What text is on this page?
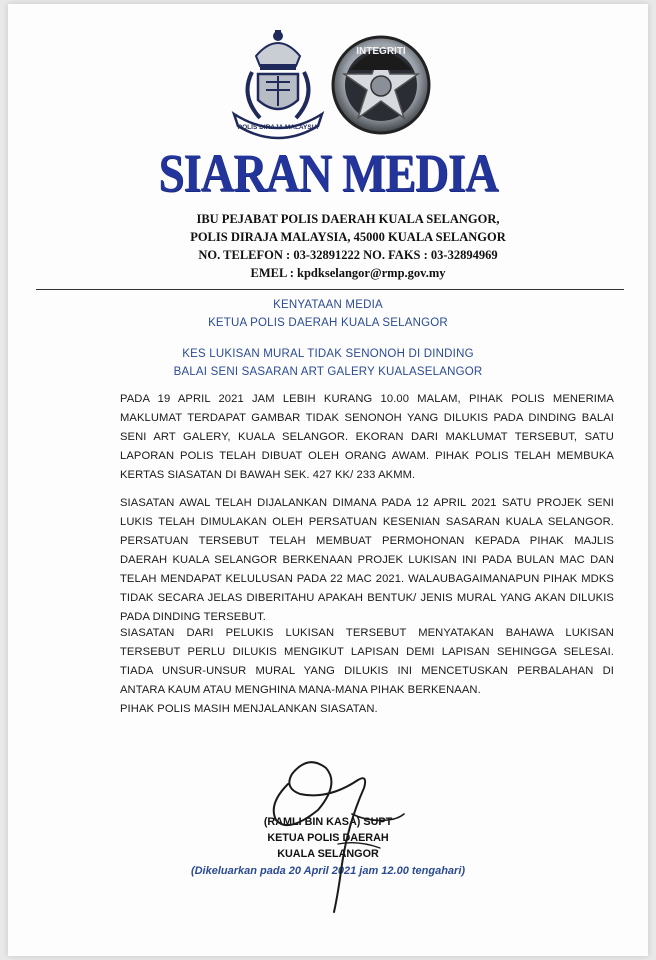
POLIS DIRAJA MALAYSIA
INTEGRITI
SIARAN MEDIA
IBU PEJABAT POLIS DAERAH KUALA SELANGOR,
POLIS DIRAJA MALAYSIA, 45000 KUALA SELANGOR
NO. TELEFON : 03-32891222 NO. FAKS : 03-32894969
EMEL : kpdkselangor@rmp.gov.my
KENYATAAN MEDIA
KETUA POLIS DAERAH KUALA SELANGOR
KES LUKISAN MURAL TIDAK SENONOH DI DINDING
BALAI SENI SASARAN ART GALERY KUALASELANGOR
PADA 19 APRIL 2021 JAM LEBIH KURANG 10.00 MALAM, PIHAK POLIS MENERIMA
MAKLUMAT TERDAPAT GAMBAR TIDAK SENONOH YANG DILUKIS PADA DINDING BALAI
SENI ART GALERY, KUALA SELANGOR. EKORAN DARI MAKLUMAT TERSEBUT, SATU
LAPORAN POLIS TELAH DIBUAT OLEH ORANG AWAM. PIHAK POLIS TELAH MEMBUKA
KERTAS SIASATAN DI BAWAH SEK. 427 KK/ 233 AKMM.
SIASATAN AWAL TELAH DIJALANKAN DIMANA PADA 12 APRIL 2021 SATU PROJEK SENI
LUKIS TELAH DIMULAKAN OLEH PERSATUAN KESENIAN SASARAN KUALA SELANGOR.
PERSATUAN TERSEBUT TELAH MEMBUAT PERMOHONAN KEPADA PIHAK MAJLIS
DAERAH KUALA SELANGOR BERKENAAN PROJEK LUKISAN INI PADA BULAN MAC DAN
TELAH MENDAPAT KELULUSAN PADA 22 MAC 2021. WALAUBAGAIMANAPUN PIHAK MDKS
TIDAK SECARA JELAS DIBERITAHU APAKAH BENTUK/ JENIS MURAL YANG AKAN DILUKIS
PADA DINDING TERSEBUT.
SIASATAN DARI PELUKIS LUKISAN TERSEBUT MENYATAKAN BAHAWA LUKISAN
TERSEBUT PERLU DILUKIS MENGIKUT LAPISAN DEMI LAPISAN SEHINGGA SELESAI.
TIADA UNSUR-UNSUR MURAL YANG DILUKIS INI MENCETUSKAN PERBALAHAN DI
ANTARA KAUM ATAU MENGHINA MANA-MANA PIHAK BERKENAAN.
PIHAK POLIS MASIH MENJALANKAN SIASATAN.
(RAMLI BIN KASA) SUPT
KETUA POLIS DAERAH
KUALA SELANGOR
(Dikeluarkan pada 20 April 2021 jam 12.00 tengahari)
